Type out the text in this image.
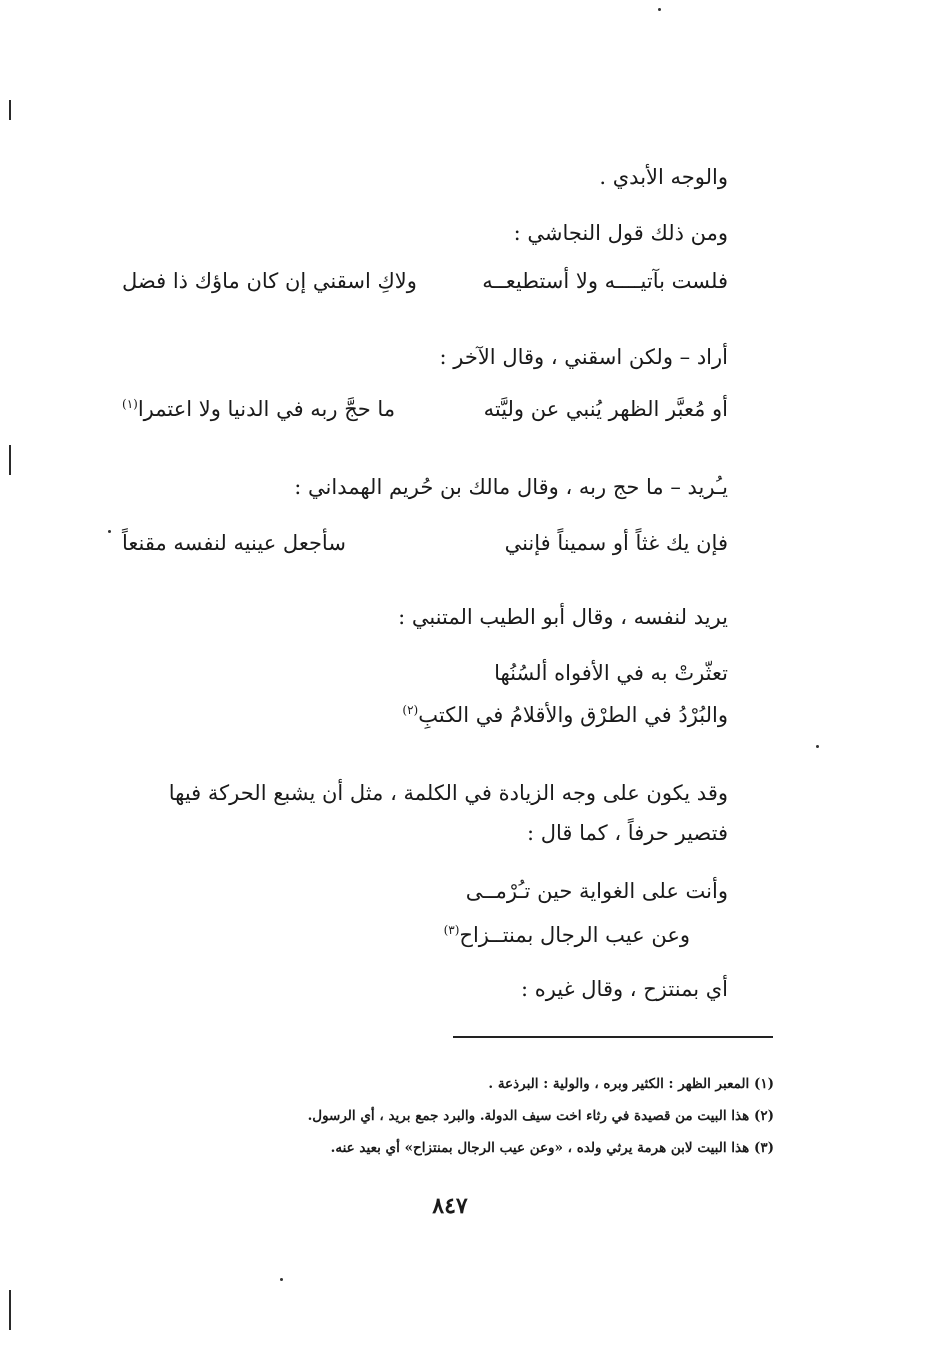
والوجه الأبدي .
ومن ذلك قول النجاشي :
فلست بآتيــــه ولا أستطيعــه
ولاكِ اسقني إن كان ماؤك ذا فضل
أراد – ولكن اسقني ، وقال الآخر :
أو مُعبَّر الظهر يُنبي عن وليَّته
ما حجَّ ربه في الدنيا ولا اعتمرا$^{(١)}$
يـُريد – ما حج ربه ، وقال مالك بن حُريم الهمداني :
فإن يك غثاً أو سميناً فإنني
سأجعل عينيه لنفسه مقنعاً
يريد لنفسه ، وقال أبو الطيب المتنبي :
تعثّرتْ به في الأفواه ألسُنُها
والبُرْدُ في الطرْق والأقلامُ في الكتبِ$^{(٢)}$
وقد يكون على وجه الزيادة في الكلمة ، مثل أن يشبع الحركة فيها
فتصير حرفاً ، كما قال :
وأنت على الغواية حين تـُرْمــى
وعن عيب الرجال بمنتــزاح$^{(٣)}$
أي بمنتزح ، وقال غيره :
(١) المعبر الظهر : الكثير وبره ، والولية : البرذعة .
(٢) هذا البيت من قصيدة في رثاء اخت سيف الدولة. والبرد جمع بريد ، أي الرسول.
(٣) هذا البيت لابن هرمة يرثي ولده ، «وعن عيب الرجال بمنتزاح» أي بعيد عنه.
٨٤٧
